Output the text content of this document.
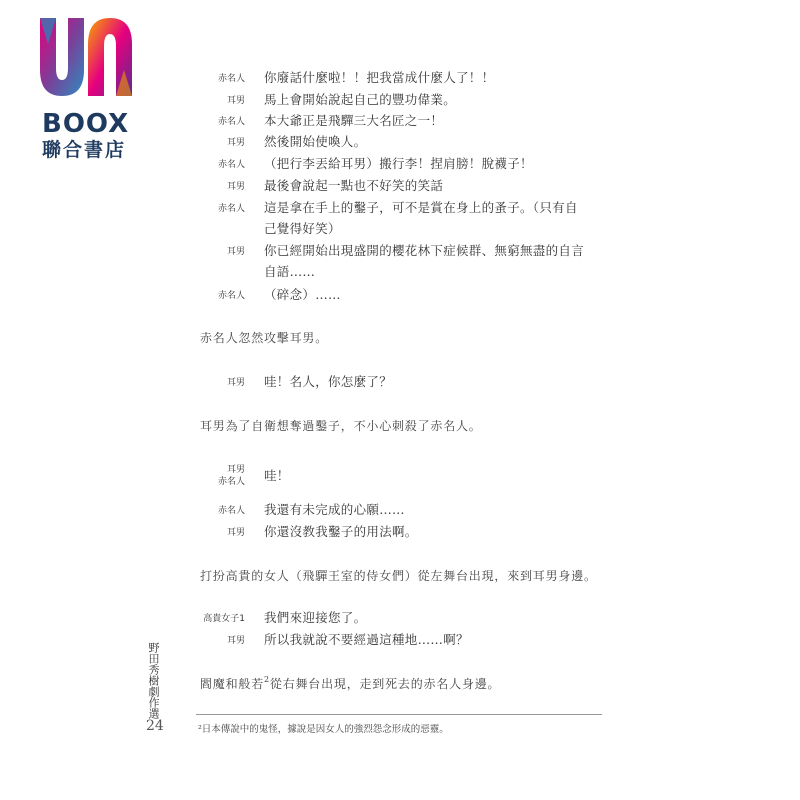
BOOX
聯合書店
赤名人 你廢話什麼啦！！把我當成什麼人了！！
耳男 馬上會開始說起自己的豐功偉業。
赤名人 本大爺正是飛驒三大名匠之一！
耳男 然後開始使喚人。
赤名人 （把行李丟給耳男）搬行李！捏肩膀！脫襪子！
耳男 最後會說起一點也不好笑的笑話
赤名人 這是拿在手上的鑿子，可不是賞在身上的蚤子。（只有自
己覺得好笑）
耳男 你已經開始出現盛開的櫻花林下症候群、無窮無盡的自言
自語……
赤名人 （碎念）……
赤名人忽然攻擊耳男。
耳男 哇！名人，你怎麼了？
耳男為了自衛想奪過鑿子，不小心刺殺了赤名人。
耳男
赤名人 哇！
赤名人 我還有未完成的心願……
耳男 你還沒教我鑿子的用法啊。
打扮高貴的女人（飛驒王室的侍女們）從左舞台出現，來到耳男身邊。
高貴女子1 我們來迎接您了。
耳男 所以我就說不要經過這種地……啊？
閻魔和般若$^2$從右舞台出現，走到死去的赤名人身邊。
²日本傳說中的鬼怪，據說是因女人的強烈怨念形成的惡靈。
野田秀樹劇作選
24
